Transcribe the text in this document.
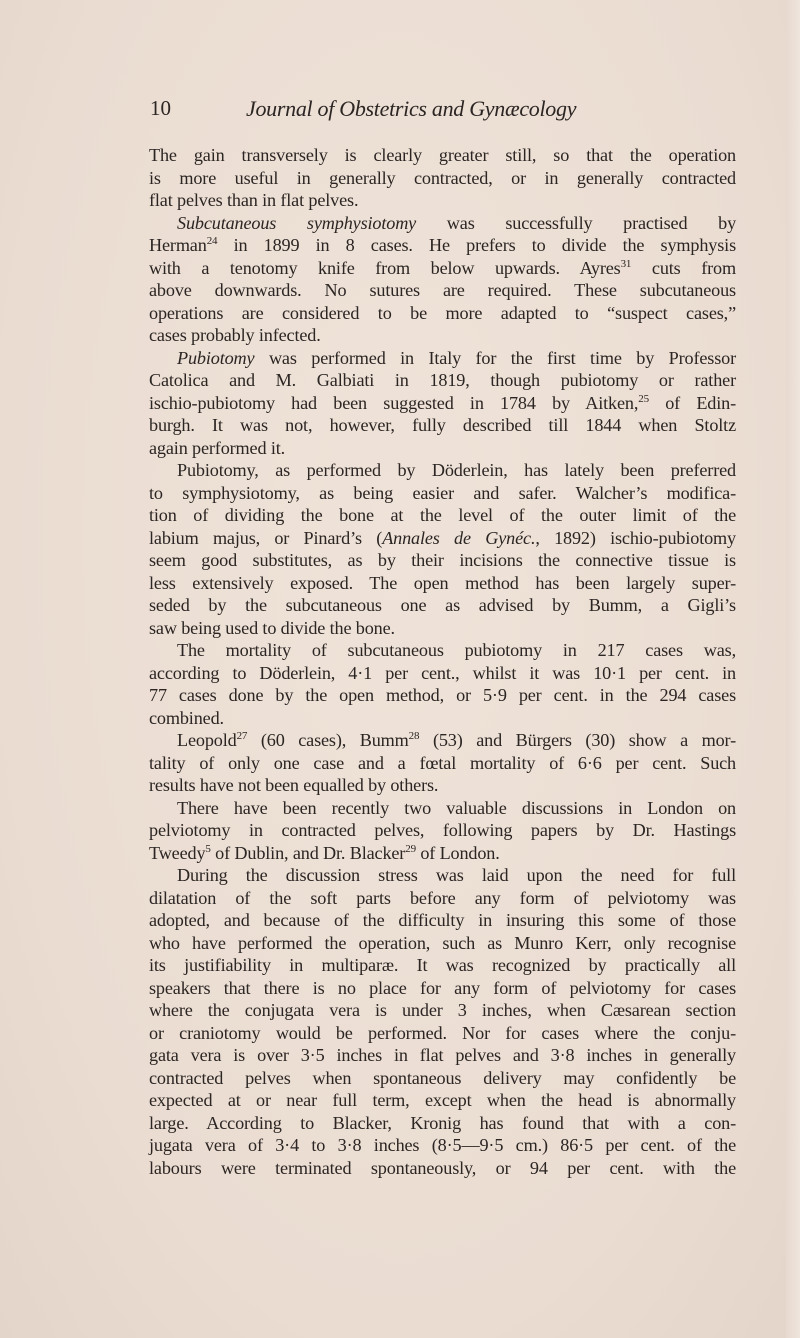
10	Journal of Obstetrics and Gynæcology
The gain transversely is clearly greater still, so that the operation
is more useful in generally contracted, or in generally contracted
flat pelves than in flat pelves.
Subcutaneous symphysiotomy was successfully practised by
Herman$^{24}$ in 1899 in 8 cases. He prefers to divide the symphysis
with a tenotomy knife from below upwards. Ayres$^{31}$ cuts from
above downwards. No sutures are required. These subcutaneous
operations are considered to be more adapted to “suspect cases,”
cases probably infected.
Pubiotomy was performed in Italy for the first time by Professor
Catolica and M. Galbiati in 1819, though pubiotomy or rather
ischio-pubiotomy had been suggested in 1784 by Aitken,$^{25}$ of Edin-
burgh. It was not, however, fully described till 1844 when Stoltz
again performed it.
Pubiotomy, as performed by Döderlein, has lately been preferred
to symphysiotomy, as being easier and safer. Walcher’s modifica-
tion of dividing the bone at the level of the outer limit of the
labium majus, or Pinard’s (Annales de Gynéc., 1892) ischio-pubiotomy
seem good substitutes, as by their incisions the connective tissue is
less extensively exposed. The open method has been largely super-
seded by the subcutaneous one as advised by Bumm, a Gigli’s
saw being used to divide the bone.
The mortality of subcutaneous pubiotomy in 217 cases was,
according to Döderlein, 4·1 per cent., whilst it was 10·1 per cent. in
77 cases done by the open method, or 5·9 per cent. in the 294 cases
combined.
Leopold$^{27}$ (60 cases), Bumm$^{28}$ (53) and Bürgers (30) show a mor-
tality of only one case and a fœtal mortality of 6·6 per cent. Such
results have not been equalled by others.
There have been recently two valuable discussions in London on
pelviotomy in contracted pelves, following papers by Dr. Hastings
Tweedy$^5$ of Dublin, and Dr. Blacker$^{29}$ of London.
During the discussion stress was laid upon the need for full
dilatation of the soft parts before any form of pelviotomy was
adopted, and because of the difficulty in insuring this some of those
who have performed the operation, such as Munro Kerr, only recognise
its justifiability in multiparæ. It was recognized by practically all
speakers that there is no place for any form of pelviotomy for cases
where the conjugata vera is under 3 inches, when Cæsarean section
or craniotomy would be performed. Nor for cases where the conju-
gata vera is over 3·5 inches in flat pelves and 3·8 inches in generally
contracted pelves when spontaneous delivery may confidently be
expected at or near full term, except when the head is abnormally
large. According to Blacker, Kronig has found that with a con-
jugata vera of 3·4 to 3·8 inches (8·5—9·5 cm.) 86·5 per cent. of the
labours were terminated spontaneously, or 94 per cent. with the
